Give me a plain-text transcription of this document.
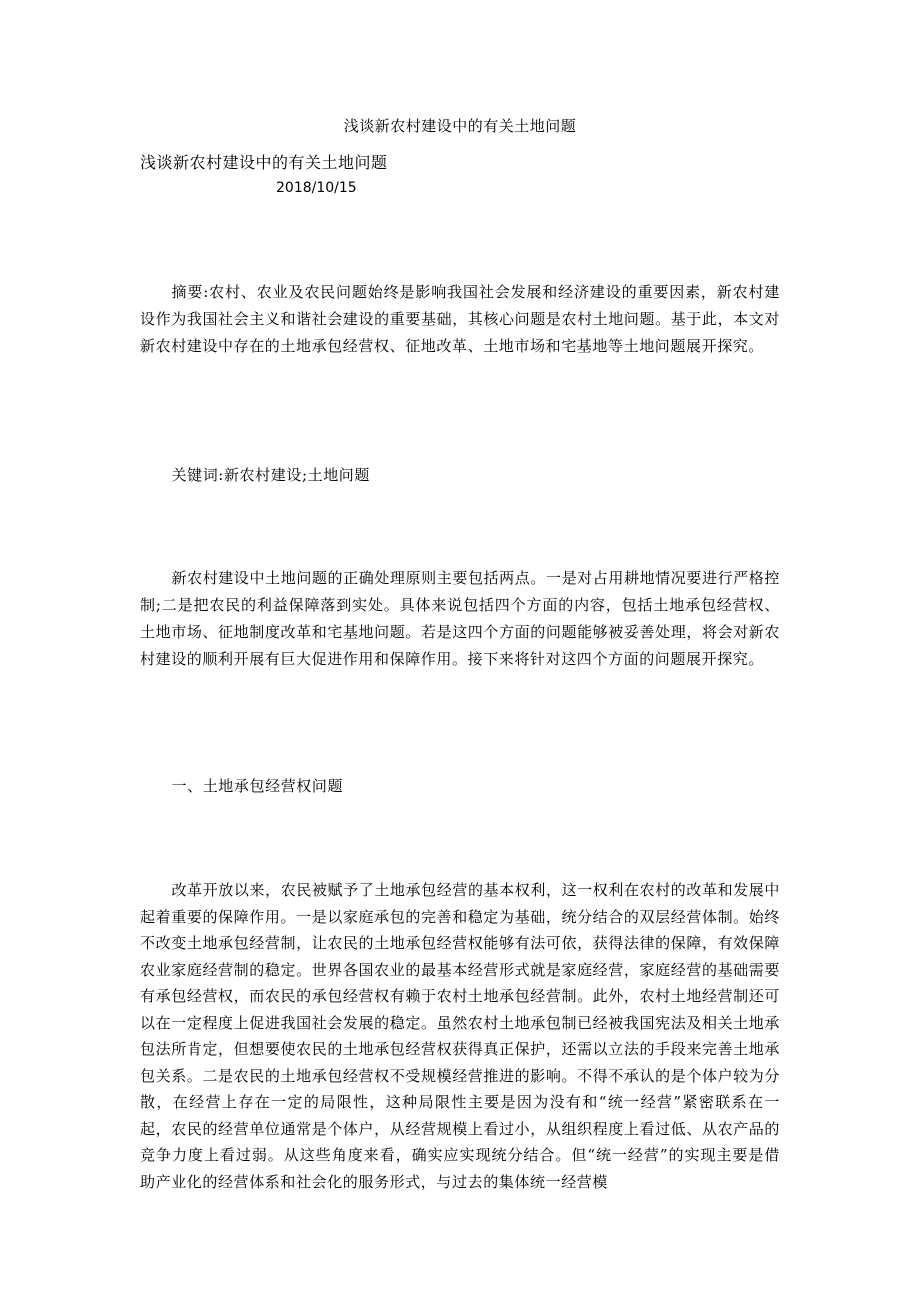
浅谈新农村建设中的有关土地问题
浅谈新农村建设中的有关土地问题
2018/10/15

摘要:农村、农业及农民问题始终是影响我国社会发展和经济建设的重要因素，新农村建设作为我国社会主义和谐社会建设的重要基础，其核心问题是农村土地问题。基于此，本文对新农村建设中存在的土地承包经营权、征地改革、土地市场和宅基地等土地问题展开探究。

关键词:新农村建设;土地问题

新农村建设中土地问题的正确处理原则主要包括两点。一是对占用耕地情况要进行严格控制;二是把农民的利益保障落到实处。具体来说包括四个方面的内容，包括土地承包经营权、土地市场、征地制度改革和宅基地问题。若是这四个方面的问题能够被妥善处理，将会对新农村建设的顺利开展有巨大促进作用和保障作用。接下来将针对这四个方面的问题展开探究。

一、土地承包经营权问题

改革开放以来，农民被赋予了土地承包经营的基本权利，这一权利在农村的改革和发展中起着重要的保障作用。一是以家庭承包的完善和稳定为基础，统分结合的双层经营体制。始终不改变土地承包经营制，让农民的土地承包经营权能够有法可依，获得法律的保障，有效保障农业家庭经营制的稳定。世界各国农业的最基本经营形式就是家庭经营，家庭经营的基础需要有承包经营权，而农民的承包经营权有赖于农村土地承包经营制。此外，农村土地经营制还可以在一定程度上促进我国社会发展的稳定。虽然农村土地承包制已经被我国宪法及相关土地承包法所肯定，但想要使农民的土地承包经营权获得真正保护，还需以立法的手段来完善土地承包关系。二是农民的土地承包经营权不受规模经营推进的影响。不得不承认的是个体户较为分散，在经营上存在一定的局限性，这种局限性主要是因为没有和“统一经营”紧密联系在一起，农民的经营单位通常是个体户，从经营规模上看过小，从组织程度上看过低、从农产品的竞争力度上看过弱。从这些角度来看，确实应实现统分结合。但“统一经营”的实现主要是借助产业化的经营体系和社会化的服务形式，与过去的集体统一经营模
